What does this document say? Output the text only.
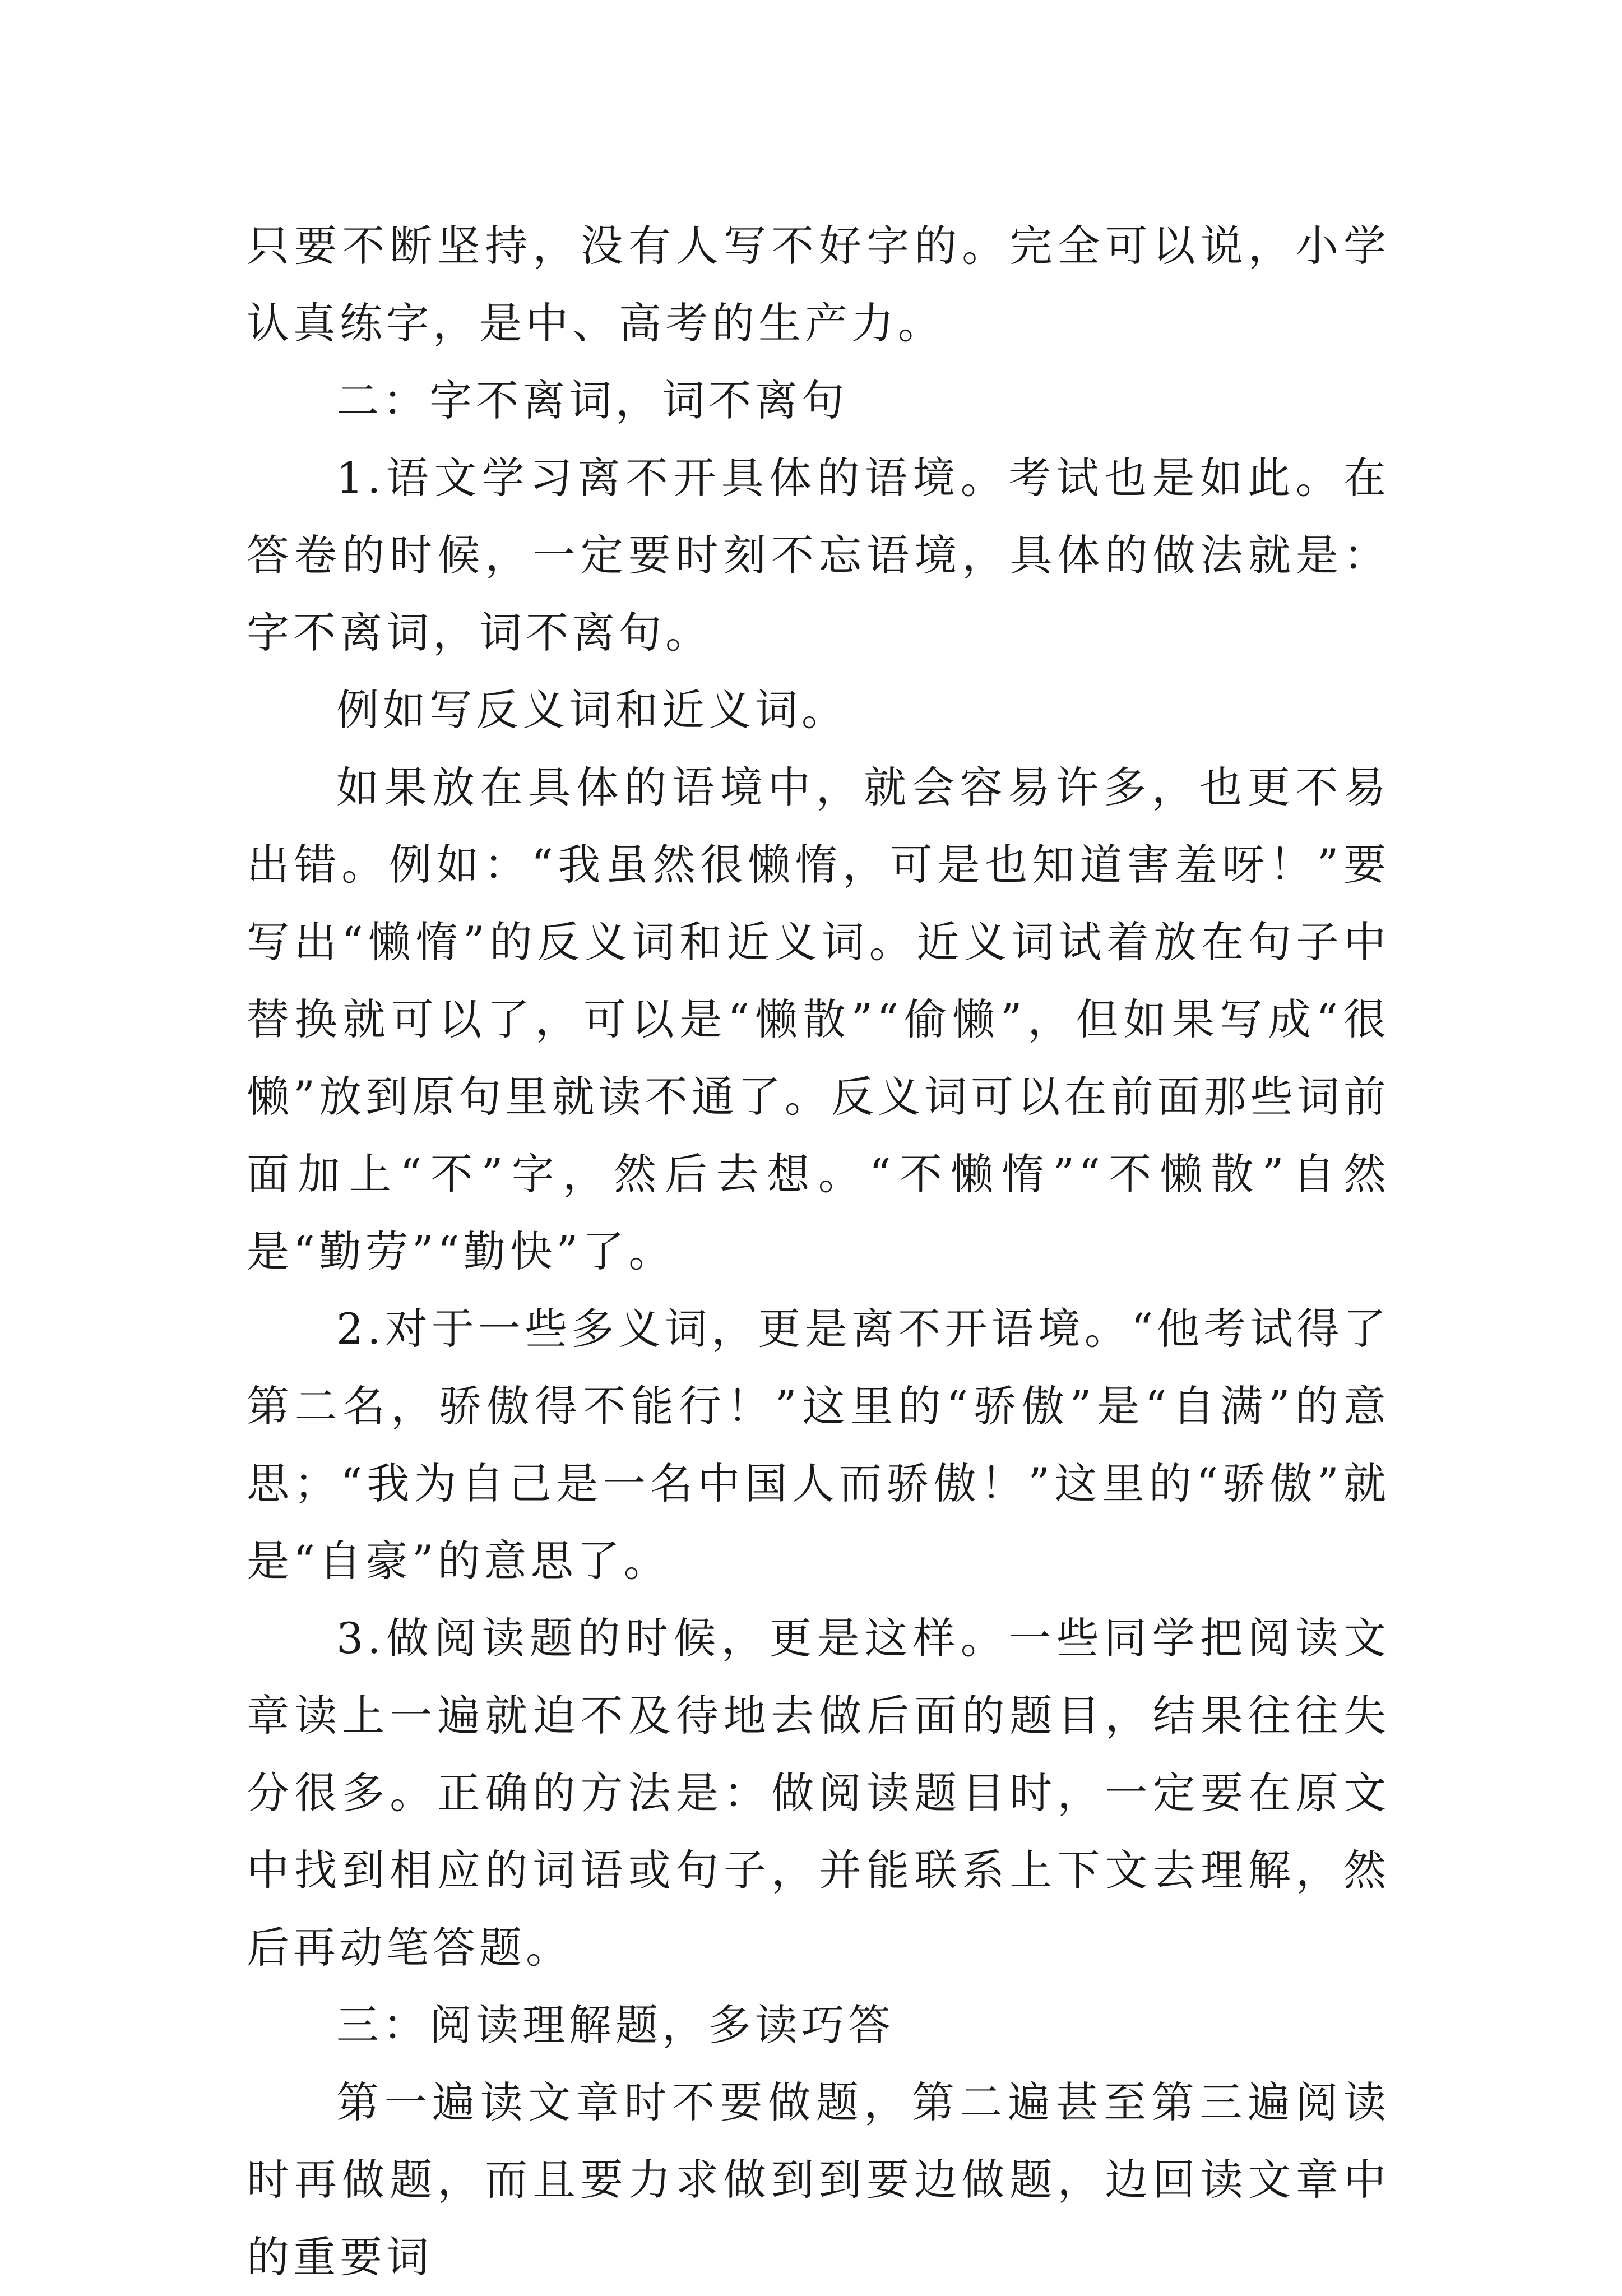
只要不断坚持，没有人写不好字的。完全可以说，小学认真练字，是中、高考的生产力。

二：字不离词，词不离句

1.语文学习离不开具体的语境。考试也是如此。在答卷的时候，一定要时刻不忘语境，具体的做法就是：字不离词，词不离句。

例如写反义词和近义词。

如果放在具体的语境中，就会容易许多，也更不易出错。例如：“我虽然很懒惰，可是也知道害羞呀！”要写出“懒惰”的反义词和近义词。近义词试着放在句子中替换就可以了，可以是“懒散”“偷懒”，但如果写成“很懒”放到原句里就读不通了。反义词可以在前面那些词前面加上“不”字，然后去想。“不懒惰”“不懒散”自然是“勤劳”“勤快”了。

2.对于一些多义词，更是离不开语境。“他考试得了第二名，骄傲得不能行！”这里的“骄傲”是“自满”的意思；“我为自己是一名中国人而骄傲！”这里的“骄傲”就是“自豪”的意思了。

3.做阅读题的时候，更是这样。一些同学把阅读文章读上一遍就迫不及待地去做后面的题目，结果往往失分很多。正确的方法是：做阅读题目时，一定要在原文中找到相应的词语或句子，并能联系上下文去理解，然后再动笔答题。

三：阅读理解题，多读巧答

第一遍读文章时不要做题，第二遍甚至第三遍阅读时再做题，而且要力求做到到要边做题，边回读文章中的重要词
